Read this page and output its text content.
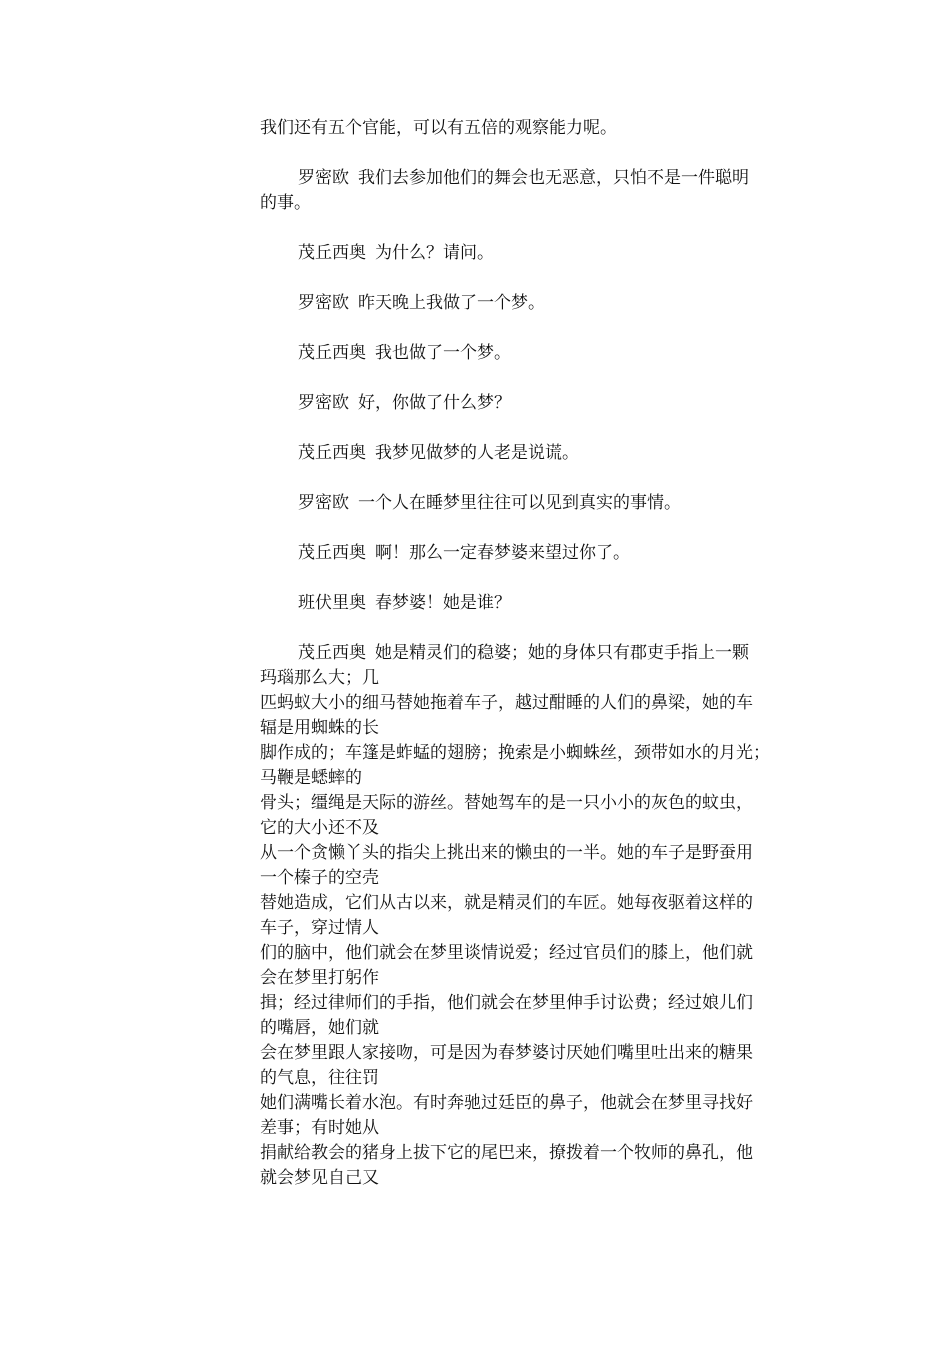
我们还有五个官能，可以有五倍的观察能力呢。
罗密欧 我们去参加他们的舞会也无恶意，只怕不是一件聪明
的事。
茂丘西奥 为什么？请问。
罗密欧 昨天晚上我做了一个梦。
茂丘西奥 我也做了一个梦。
罗密欧 好，你做了什么梦？
茂丘西奥 我梦见做梦的人老是说谎。
罗密欧 一个人在睡梦里往往可以见到真实的事情。
茂丘西奥 啊！那么一定春梦婆来望过你了。
班伏里奥 春梦婆！她是谁？
茂丘西奥 她是精灵们的稳婆；她的身体只有郡吏手指上一颗
玛瑙那么大；几
匹蚂蚁大小的细马替她拖着车子，越过酣睡的人们的鼻梁，她的车
辐是用蜘蛛的长
脚作成的；车篷是蚱蜢的翅膀；挽索是小蜘蛛丝，颈带如水的月光；
马鞭是蟋蟀的
骨头；缰绳是天际的游丝。替她驾车的是一只小小的灰色的蚊虫，
它的大小还不及
从一个贪懒丫头的指尖上挑出来的懒虫的一半。她的车子是野蚕用
一个榛子的空壳
替她造成，它们从古以来，就是精灵们的车匠。她每夜驱着这样的
车子，穿过情人
们的脑中，他们就会在梦里谈情说爱；经过官员们的膝上，他们就
会在梦里打躬作
揖；经过律师们的手指，他们就会在梦里伸手讨讼费；经过娘儿们
的嘴唇，她们就
会在梦里跟人家接吻，可是因为春梦婆讨厌她们嘴里吐出来的糖果
的气息，往往罚
她们满嘴长着水泡。有时奔驰过廷臣的鼻子，他就会在梦里寻找好
差事；有时她从
捐献给教会的猪身上拔下它的尾巴来，撩拨着一个牧师的鼻孔，他
就会梦见自己又
